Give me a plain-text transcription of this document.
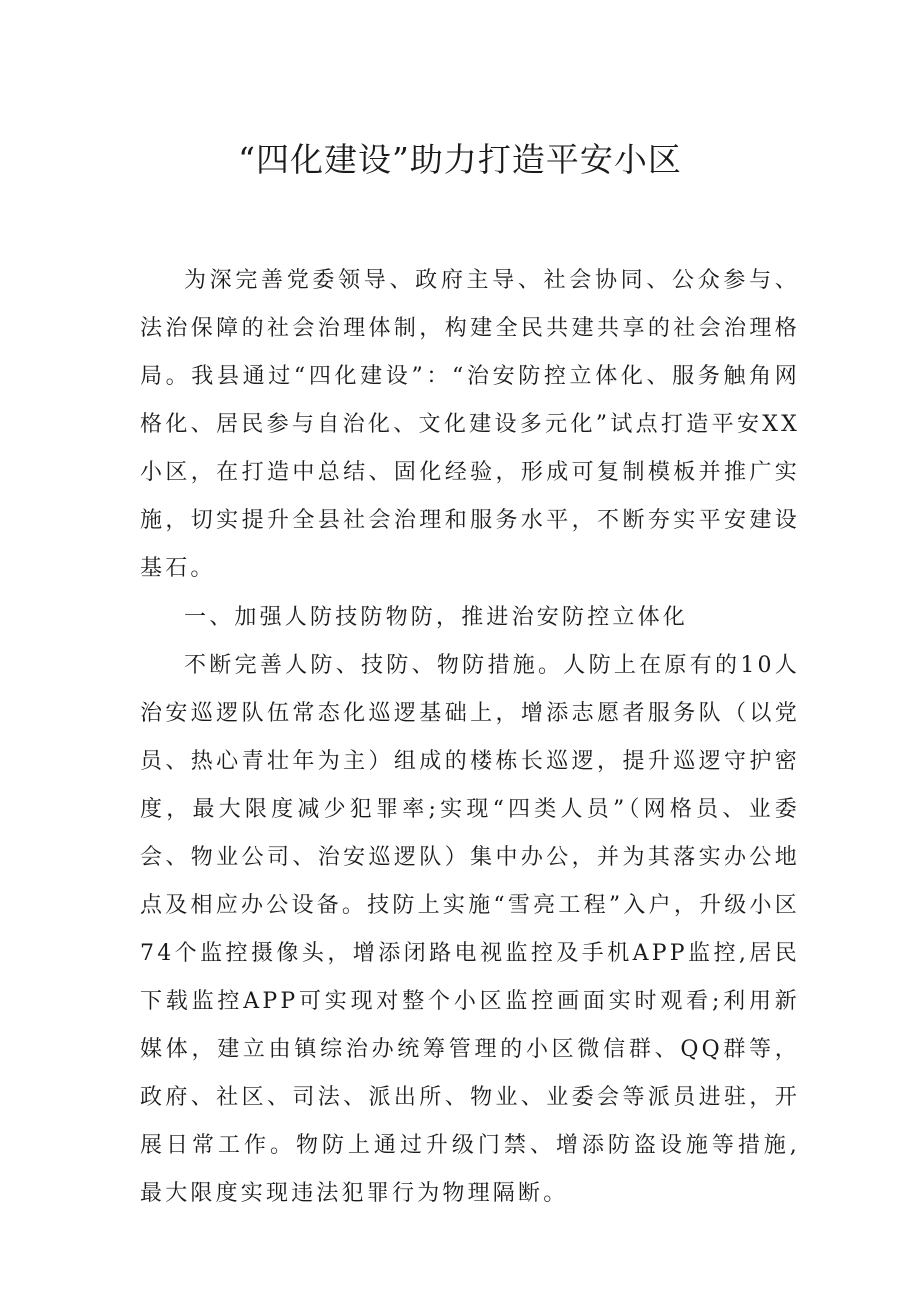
“四化建设”助力打造平安小区

为深完善党委领导、政府主导、社会协同、公众参与、法治保障的社会治理体制，构建全民共建共享的社会治理格局。我县通过“四化建设”：“治安防控立体化、服务触角网格化、居民参与自治化、文化建设多元化”试点打造平安XX小区，在打造中总结、固化经验，形成可复制模板并推广实施，切实提升全县社会治理和服务水平，不断夯实平安建设基石。

一、加强人防技防物防，推进治安防控立体化

不断完善人防、技防、物防措施。人防上在原有的10人治安巡逻队伍常态化巡逻基础上，增添志愿者服务队（以党员、热心青壮年为主）组成的楼栋长巡逻，提升巡逻守护密度，最大限度减少犯罪率;实现“四类人员”（网格员、业委会、物业公司、治安巡逻队）集中办公，并为其落实办公地点及相应办公设备。技防上实施“雪亮工程”入户，升级小区74个监控摄像头，增添闭路电视监控及手机APP监控,居民下载监控APP可实现对整个小区监控画面实时观看;利用新媒体，建立由镇综治办统筹管理的小区微信群、QQ群等，政府、社区、司法、派出所、物业、业委会等派员进驻，开展日常工作。物防上通过升级门禁、增添防盗设施等措施,最大限度实现违法犯罪行为物理隔断。
